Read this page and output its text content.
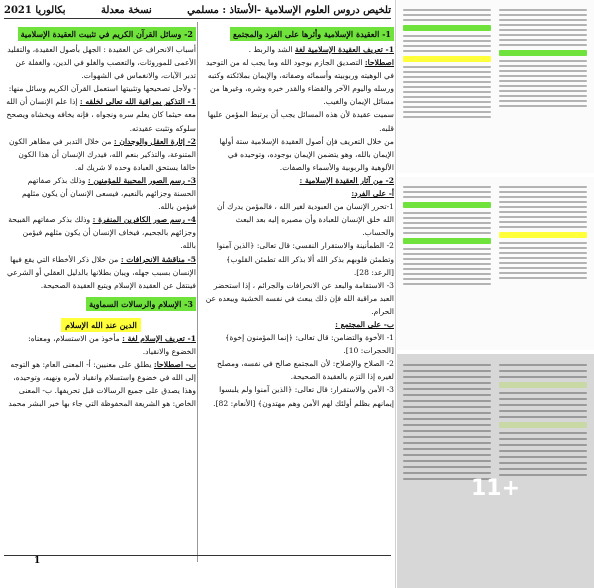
تلخيص دروس العلوم الإسلامية -الأستاذ : مسلمي
نسخة معدلة
بكالوريا 2021
1- العقيدة الإسلامية وأثرها على الفرد والمجتمع

1- تعريف العقيدة الإسلامية لغة الشد والربط .

اصطلاحا: التصديق الجازم بوجود الله وما يجب له من التوحيد في الوهيته وربوبيته وأسمائه وصفاته، والإيمان بملائكته وكتبه ورسله واليوم الآخر والقضاء والقدر خيره وشره، وغيرها من مسائل الإيمان والغيب.

سميت عقيدة لأن هذه المسائل يجب أن يرتبط المؤمن عليها قلبه.

من خلال التعريف فإن أصول العقيدة الإسلامية ستة أولها الإيمان بالله، وهو يتضمن الإيمان بوجوده، وتوحيده في الألوهية والربوبية والأسماء والصفات.

2- من آثار العقيدة الإسلامية :

أ- على الفرد:

1-تحرر الإنسان من العبودية لغير الله ، فالمؤمن يدرك أن الله خلق الإنسان للعبادة وأن مصيره إليه بعد البعث والحساب.

2- الطمأنينة والاستقرار النفسي: قال تعالى: ﴿الذين آمنوا وتطمئن قلوبهم بذكر الله ألا بذكر الله تطمئن القلوب﴾ [الرعد: 28].

3- الاستقامة والبعد عن الانحرافات والجرائم ، إذا استحضر العبد مراقبة الله فإن ذلك يبعث في نفسه الخشية ويبعده عن الحرام.

ب- على المجتمع :

1- الأخوة والتضامن: قال تعالى: ﴿إنما المؤمنون إخوة﴾ [الحجرات: 10].

2- الصلاح والإصلاح: لأن المجتمع صالح في نفسه، ومصلح لغيره إذا التزم بالعقيدة الصحيحة.

3- الأمن والاستقرار: قال تعالى: ﴿الذين آمنوا ولم يلبسوا إيمانهم بظلم أولئك لهم الأمن وهم مهتدون﴾ [الأنعام: 82].

2- وسائل القرآن الكريم في تثبيت العقيدة الإسلامية

أسباب الانحراف عن العقيدة : الجهل بأصول العقيدة، والتقليد الأعمى للموروثات، والتعصب والغلو في الدين، والغفلة عن تدبر الآيات، والانغماس في الشهوات.

- ولأجل تصحيحها وتثبيتها استعمل القرآن الكريم وسائل منها:

1- التذكير بمراقبة الله تعالى لخلقه : إذا علم الإنسان أن الله معه حيثما كان يعلم سره ونجواه ، فإنه يخافه ويخشاه ويصحح سلوكه وتثبت عقيدته.

2- إثارة العقل والوجدان : من خلال التدبر في مظاهر الكون المتنوعة، والتذكير بنعم الله، فيدرك الإنسان أن هذا الكون خالقا يستحق العبادة وحده لا شريك له.

3- رسم الصور المحببة للمؤمنين : وذلك بذكر صفاتهم الحسنة وجزائهم بالنعيم، فيسعى الإنسان أن يكون مثلهم فيؤمن بالله.

4- رسم صور الكافرين المنفرة : وذلك بذكر صفاتهم القبيحة وجزائهم بالجحيم، فيخاف الإنسان أن يكون مثلهم فيؤمن بالله.

5- مناقشة الانحرافات : من خلال ذكر الأخطاء التي يقع فيها الإنسان بسبب جهله، ويبان بطلانها بالدليل العقلي أو الشرعي فينتقل عن العقيدة الإسلام ويتبع العقيدة الصحيحة.

3- الإسلام والرسالات السماوية
الدين عند الله الإسلام

1- تعريف الإسلام لغة : مأخوذ من الاستسلام، ومعناه: الخضوع والانقياد.

ب- اصطلاحا: يطلق على معنيين: أ- المعنى العام: هو التوجه إلى الله في خضوع واستسلام وانقياد لأمره ونهيه، وتوحيده، وهذا يصدق على جميع الرسالات قبل تحريفها. ب- المعنى الخاص: هو الشريعة المحفوظة التي جاء بها خير البشر محمد

1
11+
